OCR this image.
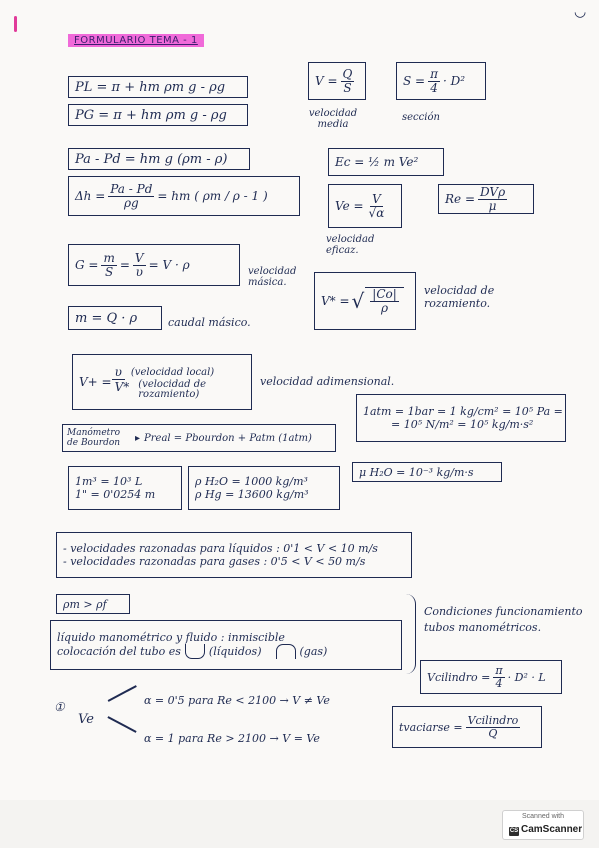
◡
FORMULARIO TEMA - 1
PL = π + hm ρm g - ρg
PG = π + hm ρm g - ρg
Pa - Pd = hm g (ρm - ρ)
$\Delta h = \frac{Pa - Pd}{\rho g}$ = hm ( ρm / ρ - 1 )
$G = \frac{m}{S} = \frac{V}{\upsilon} = V \cdot \rho$	velocidad másica.
m = Q · ρ	caudal másico.
V+ =
υ (velocidad local)
V* (velocidad de rozamiento)
velocidad adimensional.
Manómetro de Bourdon	▸ Preal = Pbourdon + Patm (1atm)
1m³ = 10³ L
1" = 0'0254 m
ρ H₂O = 1000 kg/m³
ρ Hg = 13600 kg/m³
μ H₂O = 10⁻³ kg/m·s
1atm = 1bar = 1 kg/cm² = 10⁵ Pa =
= 10⁵ N/m² = 10⁵ kg/m·s²
$V = \frac{Q}{S}$
velocidad media
$S = \frac{\pi}{4} \cdot D^2$
sección
Ec = ½ m Ve²
$Ve = \frac{V}{√\alpha}$
velocidad eficaz.
$Re = \frac{\text{DVρ}}{\mu}$
V* = √ $\frac{|Co|}{\rho}$ velocidad de rozamiento.
- velocidades razonadas para líquidos : 0'1 < V < 10 m/s
- velocidades razonadas para gases : 0'5 < V < 50 m/s
ρm > ρf
líquido manométrico y fluido : inmiscible
colocación del tubo es	(líquidos)	(gas)
Condiciones funcionamiento tubos manométricos.
Vcilindro = $\frac{\pi}{4} \cdot D^2 \cdot L$
tvaciarse = $\frac{\text{Vcilindro}}{Q}$
①
Ve
α = 0'5 para Re < 2100 → V ≠ Ve
α = 1 para Re > 2100 → V = Ve
Scanned with
CS CamScanner
